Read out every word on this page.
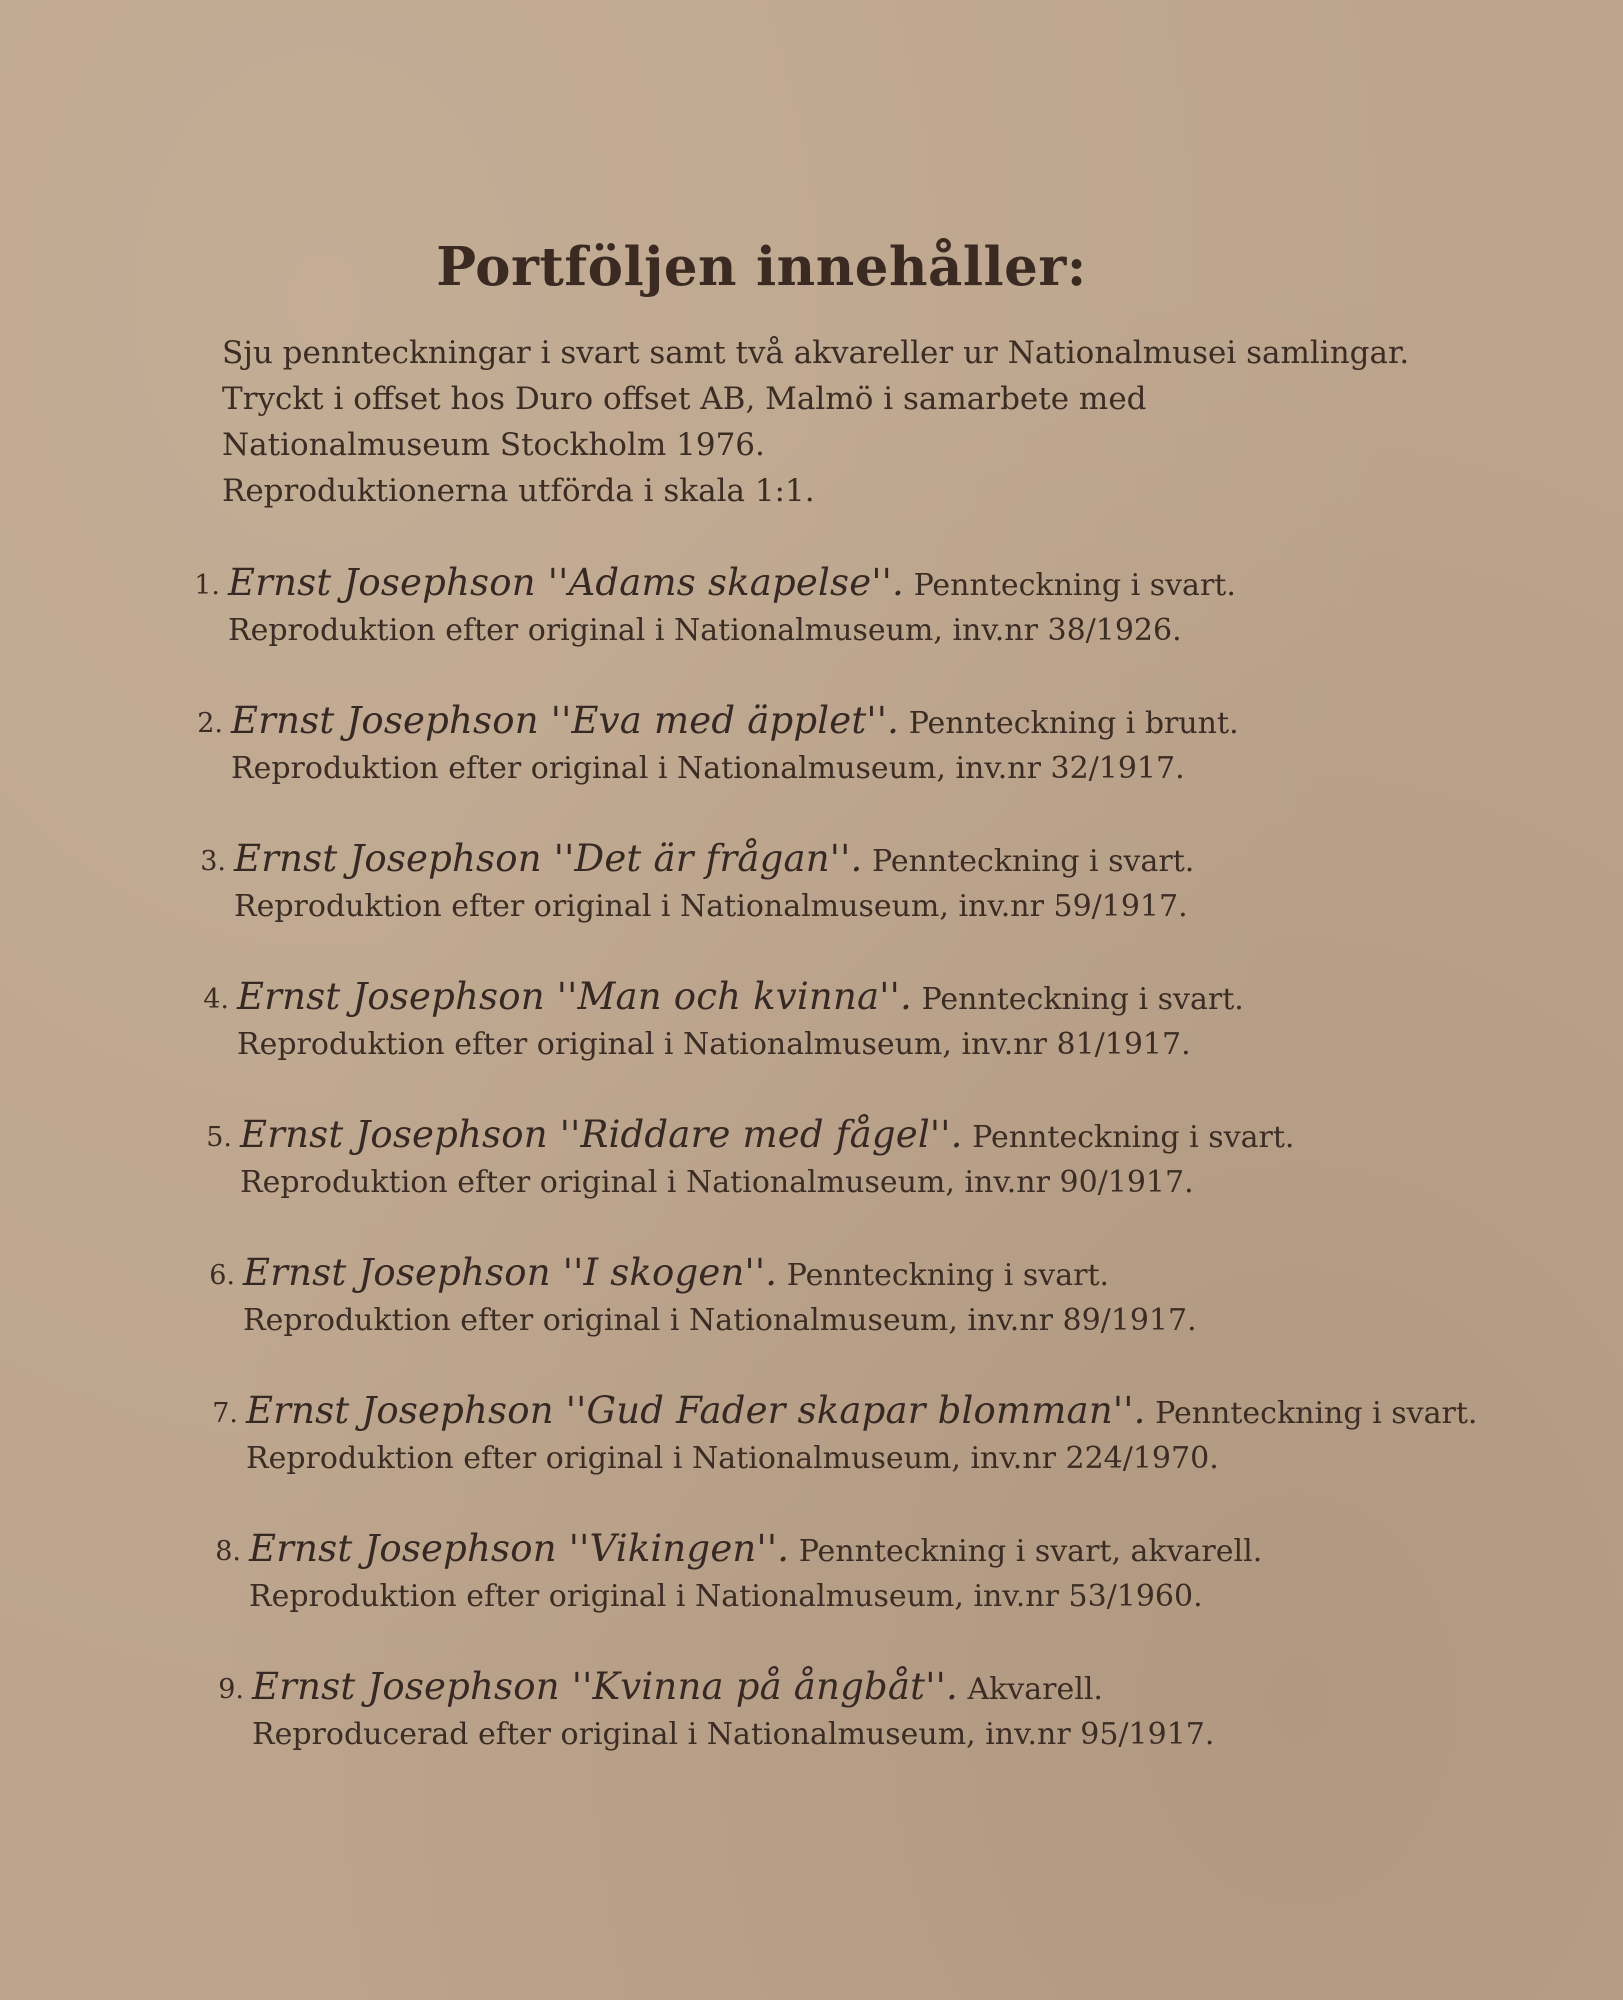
Portföljen innehåller:
Sju pennteckningar i svart samt två akvareller ur Nationalmusei samlingar.
Tryckt i offset hos Duro offset AB, Malmö i samarbete med
Nationalmuseum Stockholm 1976.
Reproduktionerna utförda i skala 1:1.
1. Ernst Josephson ''Adams skapelse''. Pennteckning i svart.
Reproduktion efter original i Nationalmuseum, inv.nr 38/1926.
2. Ernst Josephson ''Eva med äpplet''. Pennteckning i brunt.
Reproduktion efter original i Nationalmuseum, inv.nr 32/1917.
3. Ernst Josephson ''Det är frågan''. Pennteckning i svart.
Reproduktion efter original i Nationalmuseum, inv.nr 59/1917.
4. Ernst Josephson ''Man och kvinna''. Pennteckning i svart.
Reproduktion efter original i Nationalmuseum, inv.nr 81/1917.
5. Ernst Josephson ''Riddare med fågel''. Pennteckning i svart.
Reproduktion efter original i Nationalmuseum, inv.nr 90/1917.
6. Ernst Josephson ''I skogen''. Pennteckning i svart.
Reproduktion efter original i Nationalmuseum, inv.nr 89/1917.
7. Ernst Josephson ''Gud Fader skapar blomman''. Pennteckning i svart.
Reproduktion efter original i Nationalmuseum, inv.nr 224/1970.
8. Ernst Josephson ''Vikingen''. Pennteckning i svart, akvarell.
Reproduktion efter original i Nationalmuseum, inv.nr 53/1960.
9. Ernst Josephson ''Kvinna på ångbåt''. Akvarell.
Reproducerad efter original i Nationalmuseum, inv.nr 95/1917.
